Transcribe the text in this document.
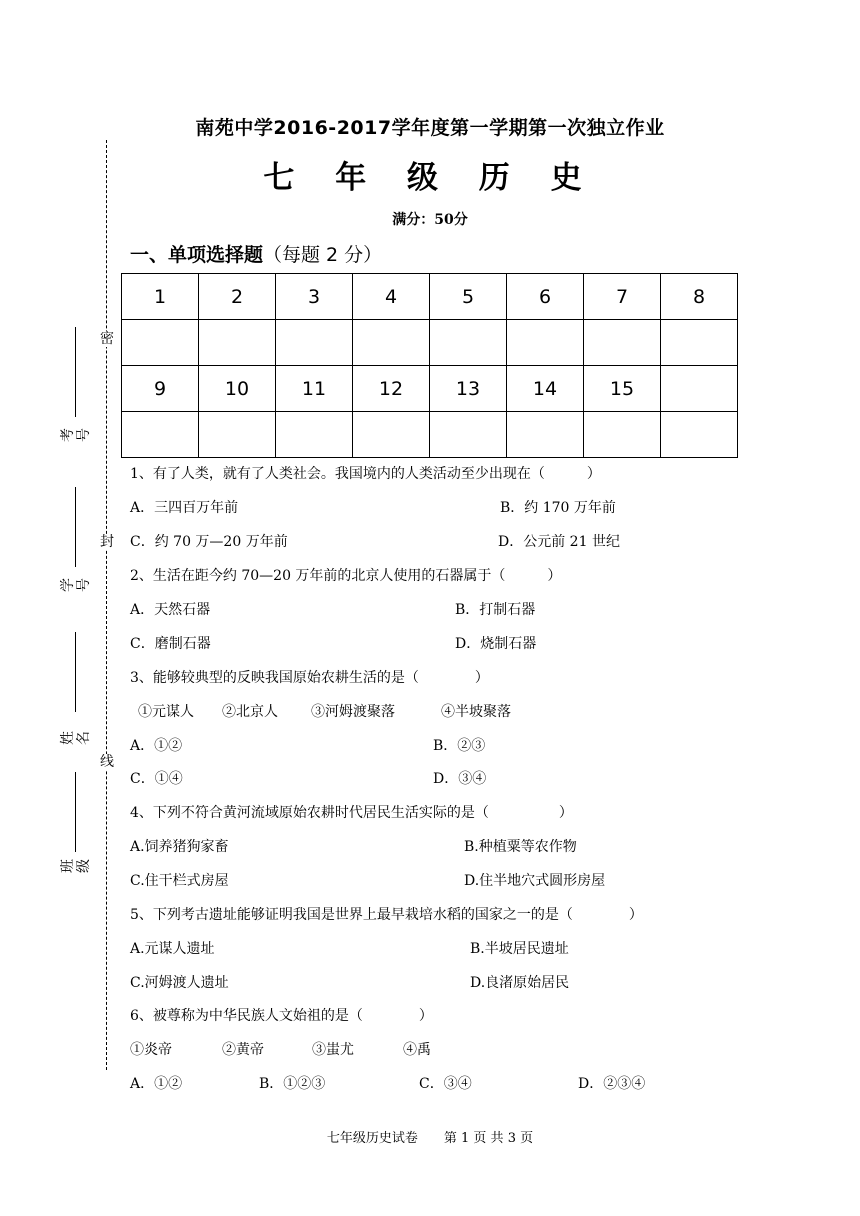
密
封
线
考号
学号
姓名
班级
南苑中学2016-2017学年度第一学期第一次独立作业
七 年 级 历 史
满分：50分
一、单项选择题（每题 2 分）
1	2	3	4	5	6	7	8

9	10	11	12	13	14	15	

1、有了人类，就有了人类社会。我国境内的人类活动至少出现在（　　　）
A．三四百万年前	B．约 170 万年前
C．约 70 万—20 万年前	D．公元前 21 世纪
2、生活在距今约 70—20 万年前的北京人使用的石器属于（　　　）
A．天然石器	B．打制石器
C．磨制石器	D．烧制石器
3、能够较典型的反映我国原始农耕生活的是（　　　　）
①元谋人 ②北京人 ③河姆渡聚落	④半坡聚落
A．①②	B．②③
C．①④	D．③④
4、下列不符合黄河流域原始农耕时代居民生活实际的是（　　　　　）
A.饲养猪狗家畜	B.种植粟等农作物
C.住干栏式房屋	D.住半地穴式圆形房屋
5、下列考古遗址能够证明我国是世界上最早栽培水稻的国家之一的是（　　　　）
A.元谋人遗址	B.半坡居民遗址
C.河姆渡人遗址	D.良渚原始居民
6、被尊称为中华民族人文始祖的是（　　　　）
①炎帝	②黄帝	③蚩尤	④禹
A．①②	B．①②③	C．③④	D．②③④
七年级历史试卷　　第 1 页 共 3 页
